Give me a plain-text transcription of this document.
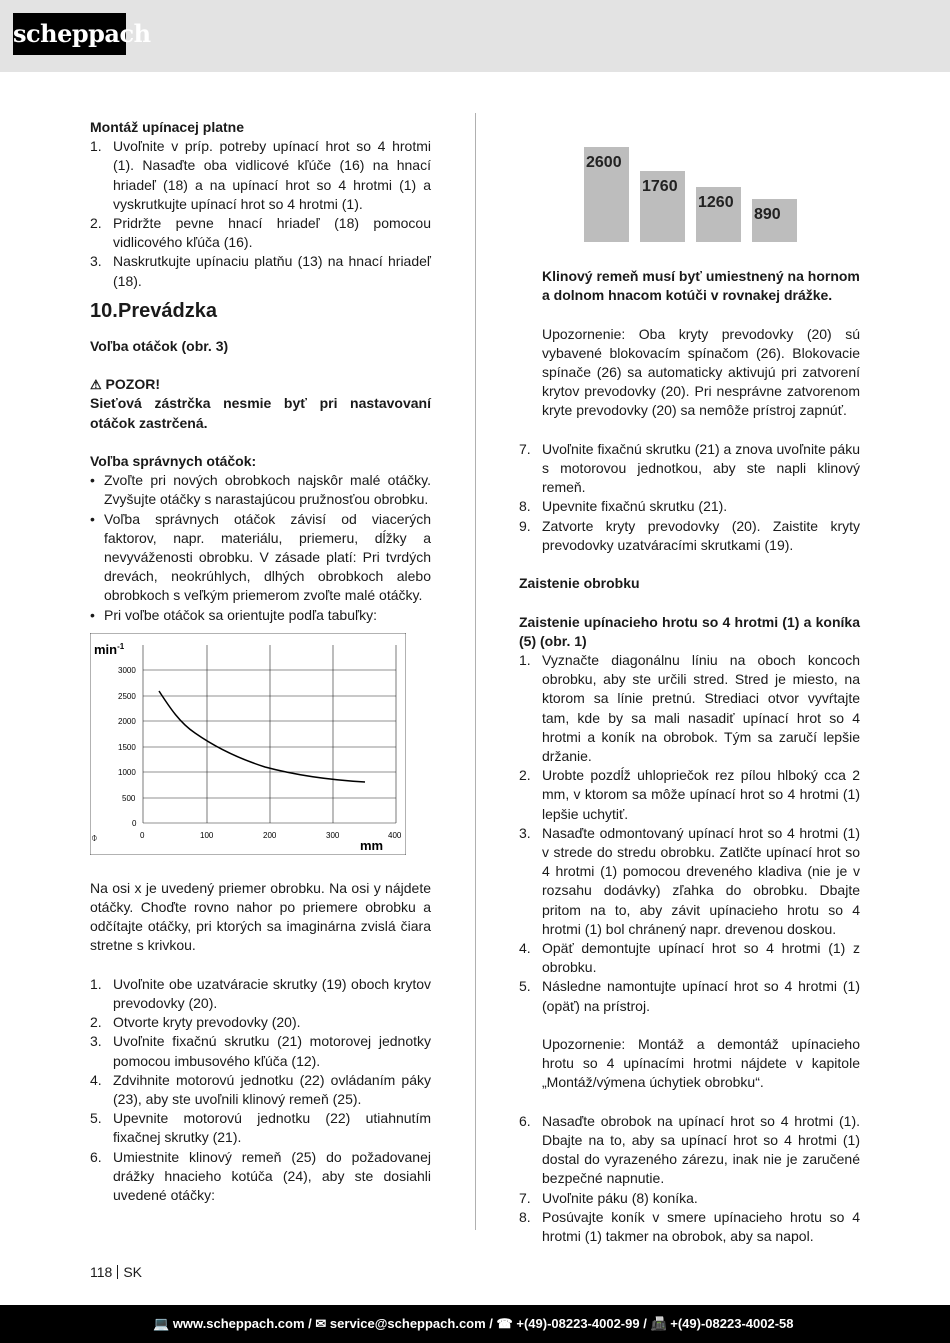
scheppach

Montáž upínacej platne

1. Uvoľnite v príp. potreby upínací hrot so 4 hrotmi (1). Nasaďte oba vidlicové kľúče (16) na hnací hriadeľ (18) a na upínací hrot so 4 hrotmi (1) a vyskrutkujte upínací hrot so 4 hrotmi (1).
2. Pridržte pevne hnací hriadeľ (18) pomocou vidlicového kľúča (16).
3. Naskrutkujte upínaciu platňu (13) na hnací hriadeľ (18).
10.Prevádzka

Voľba otáčok (obr. 3)

⚠ POZOR!

Sieťová zástrčka nesmie byť pri nastavovaní otáčok zastrčená.

Voľba správnych otáčok:

• Zvoľte pri nových obrobkoch najskôr malé otáčky. Zvyšujte otáčky s narastajúcou pružnosťou obrobku.
• Voľba správnych otáčok závisí od viacerých faktorov, napr. materiálu, priemeru, dĺžky a nevyváženosti obrobku. V zásade platí: Pri tvrdých drevách, neokrúhlych, dlhých obrobkoch alebo obrobkoch s veľkým priemerom zvoľte malé otáčky.
• Pri voľbe otáčok sa orientujte podľa tabuľky:
$\min^{-1}$
3000
2500
2000
1500
1000
500
0
0	100	200	300	400
⌽
mm

Na osi x je uvedený priemer obrobku. Na osi y nájdete otáčky. Choďte rovno nahor po priemere obrobku a odčítajte otáčky, pri ktorých sa imaginárna zvislá čiara stretne s krivkou.

1. Uvoľnite obe uzatváracie skrutky (19) oboch krytov prevodovky (20).
2. Otvorte kryty prevodovky (20).
3. Uvoľnite fixačnú skrutku (21) motorovej jednotky pomocou imbusového kľúča (12).
4. Zdvihnite motorovú jednotku (22) ovládaním páky (23), aby ste uvoľnili klinový remeň (25).
5. Upevnite motorovú jednotku (22) utiahnutím fixačnej skrutky (21).
6. Umiestnite klinový remeň (25) do požadovanej drážky hnacieho kotúča (24), aby ste dosiahli uvedené otáčky:
2600
1760
1260
890

Klinový remeň musí byť umiestnený na hornom a dolnom hnacom kotúči v rovnakej drážke.

Upozornenie: Oba kryty prevodovky (20) sú vybavené blokovacím spínačom (26). Blokovacie spínače (26) sa automaticky aktivujú pri zatvorení krytov prevodovky (20). Pri nesprávne zatvorenom kryte prevodovky (20) sa nemôže prístroj zapnúť.

7. Uvoľnite fixačnú skrutku (21) a znova uvoľnite páku s motorovou jednotkou, aby ste napli klinový remeň.
8. Upevnite fixačnú skrutku (21).
9. Zatvorte kryty prevodovky (20). Zaistite kryty prevodovky uzatváracími skrutkami (19).

Zaistenie obrobku

Zaistenie upínacieho hrotu so 4 hrotmi (1) a koníka (5) (obr. 1)

1. Vyznačte diagonálnu líniu na oboch koncoch obrobku, aby ste určili stred. Stred je miesto, na ktorom sa línie pretnú. Strediaci otvor vyvŕtajte tam, kde by sa mali nasadiť upínací hrot so 4 hrotmi a koník na obrobok. Tým sa zaručí lepšie držanie.
2. Urobte pozdĺž uhlopriečok rez pílou hlboký cca 2 mm, v ktorom sa môže upínací hrot so 4 hrotmi (1) lepšie uchytiť.
3. Nasaďte odmontovaný upínací hrot so 4 hrotmi (1) v strede do stredu obrobku. Zatlčte upínací hrot so 4 hrotmi (1) pomocou dreveného kladiva (nie je v rozsahu dodávky) zľahka do obrobku. Dbajte pritom na to, aby závit upínacieho hrotu so 4 hrotmi (1) bol chránený napr. drevenou doskou.
4. Opäť demontujte upínací hrot so 4 hrotmi (1) z obrobku.
5. Následne namontujte upínací hrot so 4 hrotmi (1) (opäť) na prístroj.

Upozornenie: Montáž a demontáž upínacieho hrotu so 4 upínacími hrotmi nájdete v kapitole „Montáž/výmena úchytiek obrobku“.

6. Nasaďte obrobok na upínací hrot so 4 hrotmi (1). Dbajte na to, aby sa upínací hrot so 4 hrotmi (1) dostal do vyrazeného zárezu, inak nie je zaručené bezpečné napnutie.
7. Uvoľnite páku (8) koníka.
8. Posúvajte koník v smere upínacieho hrotu so 4 hrotmi (1) takmer na obrobok, aby sa napol.
118 SK
💻 www.scheppach.com / ✉ service@scheppach.com / ☎ +(49)-08223-4002-99 / 📠 +(49)-08223-4002-58
